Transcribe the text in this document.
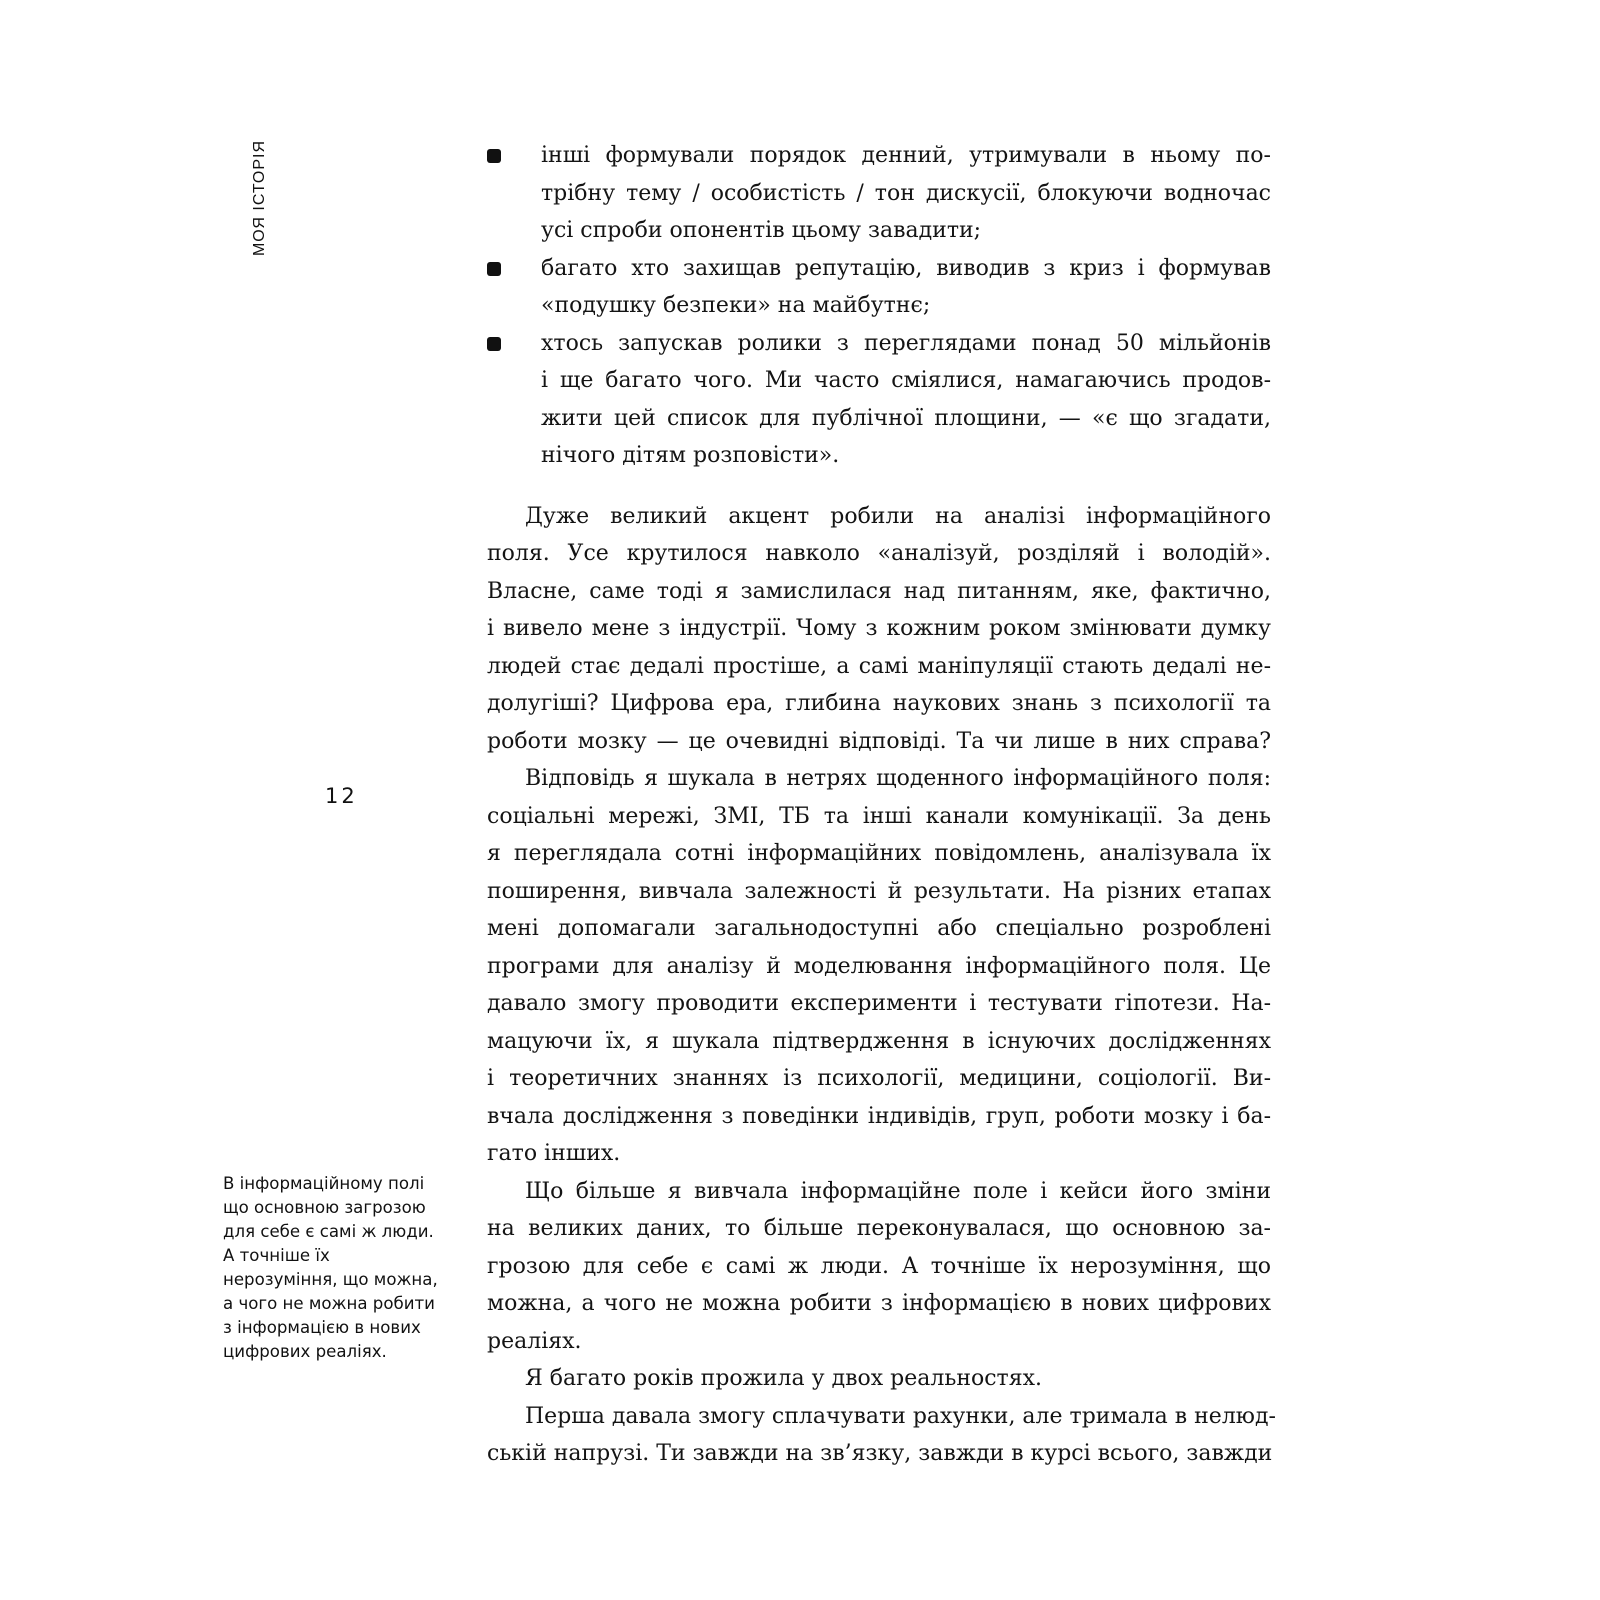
МОЯ ІСТОРІЯ
12
В інформаційному полі
що основною загрозою
для себе є самі ж люди.
А точніше їх
нерозуміння, що можна,
а чого не можна робити
з інформацією в нових
цифрових реаліях.
інші формували порядок денний, утримували в ньому по-
трібну тему / особистість / тон дискусії, блокуючи водночас
усі спроби опонентів цьому завадити;
багато хто захищав репутацію, виводив з криз і формував
«подушку безпеки» на майбутнє;
хтось запускав ролики з переглядами понад 50 мільйонів
і ще багато чого. Ми часто сміялися, намагаючись продов-
жити цей список для публічної площини, — «є що згадати,
нічого дітям розповісти».
Дуже великий акцент робили на аналізі інформаційного
поля. Усе крутилося навколо «аналізуй, розділяй і володій».
Власне, саме тоді я замислилася над питанням, яке, фактично,
і вивело мене з індустрії. Чому з кожним роком змінювати думку
людей стає дедалі простіше, а самі маніпуляції стають дедалі не-
долугіші? Цифрова ера, глибина наукових знань з психології та
роботи мозку — це очевидні відповіді. Та чи лише в них справа?
Відповідь я шукала в нетрях щоденного інформаційного поля:
соціальні мережі, ЗМІ, ТБ та інші канали комунікації. За день
я переглядала сотні інформаційних повідомлень, аналізувала їх
поширення, вивчала залежності й результати. На різних етапах
мені допомагали загальнодоступні або спеціально розроблені
програми для аналізу й моделювання інформаційного поля. Це
давало змогу проводити експерименти і тестувати гіпотези. На-
мацуючи їх, я шукала підтвердження в існуючих дослідженнях
і теоретичних знаннях із психології, медицини, соціології. Ви-
вчала дослідження з поведінки індивідів, груп, роботи мозку і ба-
гато інших.
Що більше я вивчала інформаційне поле і кейси його зміни
на великих даних, то більше переконувалася, що основною за-
грозою для себе є самі ж люди. А точніше їх нерозуміння, що
можна, а чого не можна робити з інформацією в нових цифрових
реаліях.
Я багато років прожила у двох реальностях.
Перша давала змогу сплачувати рахунки, але тримала в нелюд-
ській напрузі. Ти завжди на зв’язку, завжди в курсі всього, завжди
